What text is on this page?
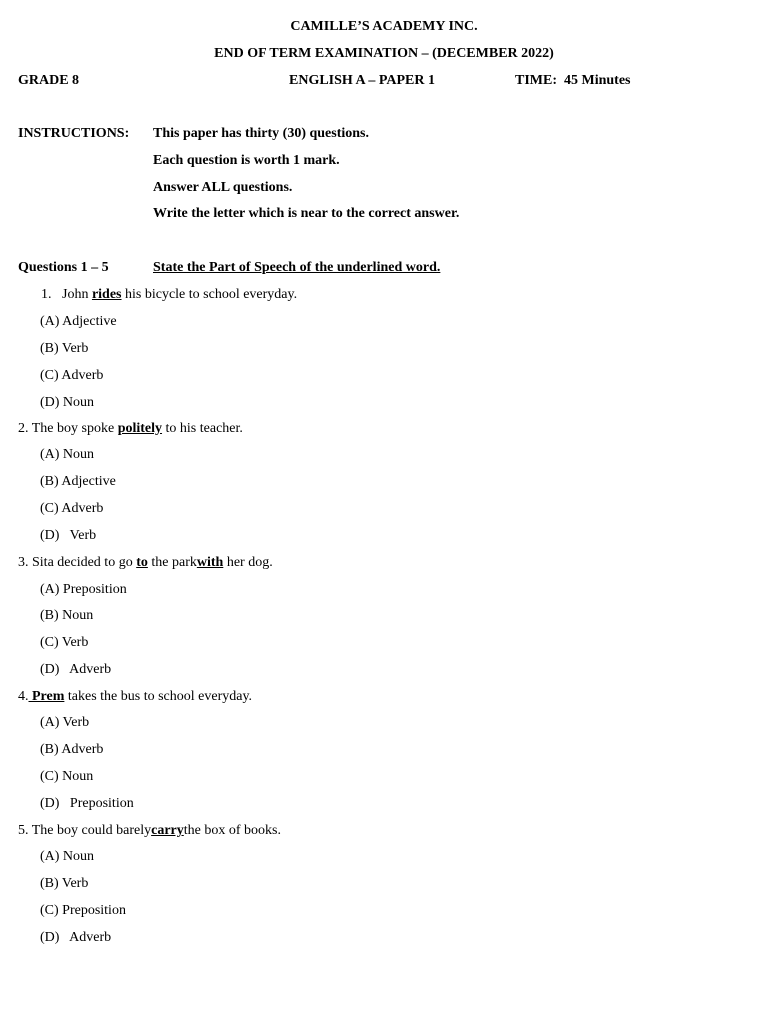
CAMILLE’S ACADEMY INC.
END OF TERM EXAMINATION – (DECEMBER 2022)
GRADE 8	ENGLISH A – PAPER 1	TIME:  45 Minutes
INSTRUCTIONS: This paper has thirty (30) questions.
Each question is worth 1 mark.
Answer ALL questions.
Write the letter which is near to the correct answer.
Questions 1 – 5	State the Part of Speech of the underlined word.
1. John rides his bicycle to school everyday.
(A) Adjective
(B) Verb
(C) Adverb
(D) Noun
2. The boy spoke politely to his teacher.
(A) Noun
(B) Adjective
(C) Adverb
(D)   Verb
3. Sita decided to go to the parkwith her dog.
(A) Preposition
(B) Noun
(C) Verb
(D)   Adverb
4. Prem takes the bus to school everyday.
(A) Verb
(B) Adverb
(C) Noun
(D)   Preposition
5. The boy could barelycarrythe box of books.
(A) Noun
(B) Verb
(C) Preposition
(D)   Adverb
